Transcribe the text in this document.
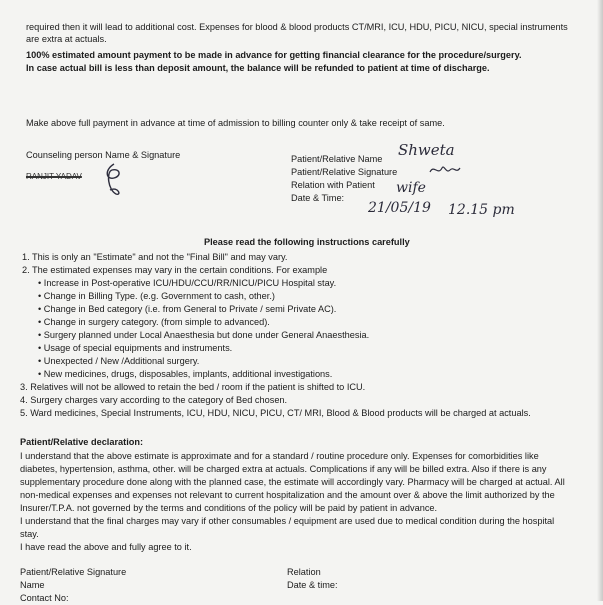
required then it will lead to additional cost. Expenses for blood & blood products CT/MRI, ICU, HDU, PICU, NICU, special instruments
are extra at actuals.
100% estimated amount payment to be made in advance for getting financial clearance for the procedure/surgery.
In case actual bill is less than deposit amount, the balance will be refunded to patient at time of discharge.
Make above full payment in advance at time of admission to billing counter only & take receipt of same.
Counseling person Name & Signature
RANJIT YADAV
Patient/Relative Name
Patient/Relative Signature
Relation with Patient
Date & Time:
Shweta
wife
21/05/19 12.15 pm
Please read the following instructions carefully
1. This is only an "Estimate" and not the "Final Bill" and may vary.
2. The estimated expenses may vary in the certain conditions. For example
• Increase in Post-operative ICU/HDU/CCU/RR/NICU/PICU Hospital stay.
• Change in Billing Type. (e.g. Government to cash, other.)
• Change in Bed category (i.e. from General to Private / semi Private AC).
• Change in surgery category. (from simple to advanced).
• Surgery planned under Local Anaesthesia but done under General Anaesthesia.
• Usage of special equipments and instruments.
• Unexpected / New /Additional surgery.
• New medicines, drugs, disposables, implants, additional investigations.
3. Relatives will not be allowed to retain the bed / room if the patient is shifted to ICU.
4. Surgery charges vary according to the category of Bed chosen.
5. Ward medicines, Special Instruments, ICU, HDU, NICU, PICU, CT/ MRI, Blood & Blood products will be charged at actuals.
Patient/Relative declaration:
I understand that the above estimate is approximate and for a standard / routine procedure only. Expenses for comorbidities like
diabetes, hypertension, asthma, other. will be charged extra at actuals. Complications if any will be billed extra. Also if there is any
supplementary procedure done along with the planned case, the estimate will accordingly vary. Pharmacy will be charged at actual. All
non-medical expenses and expenses not relevant to current hospitalization and the amount over & above the limit authorized by the
Insurer/T.P.A. not governed by the terms and conditions of the policy will be paid by patient in advance.
I understand that the final charges may vary if other consumables / equipment are used due to medical condition during the hospital
stay.
I have read the above and fully agree to it.
Patient/Relative Signature
Name
Contact No:
Relation
Date & time:
